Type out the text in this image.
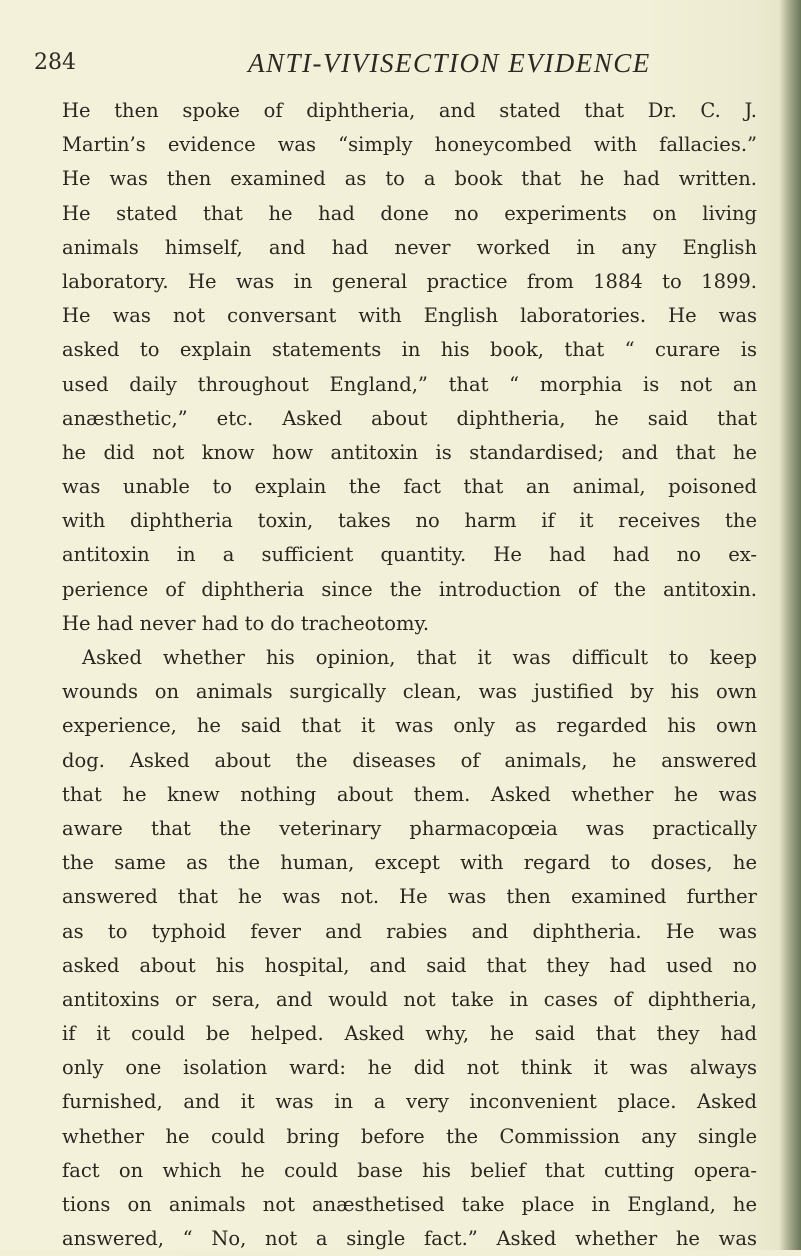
284	ANTI-VIVISECTION EVIDENCE
He then spoke of diphtheria, and stated that Dr. C. J.
Martin’s evidence was “simply honeycombed with fallacies.”
He was then examined as to a book that he had written.
He stated that he had done no experiments on living
animals himself, and had never worked in any English
laboratory. He was in general practice from 1884 to 1899.
He was not conversant with English laboratories. He was
asked to explain statements in his book, that “ curare is
used daily throughout England,” that “ morphia is not an
anæsthetic,” etc. Asked about diphtheria, he said that
he did not know how antitoxin is standardised; and that he
was unable to explain the fact that an animal, poisoned
with diphtheria toxin, takes no harm if it receives the
antitoxin in a sufficient quantity. He had had no ex-
perience of diphtheria since the introduction of the antitoxin.
He had never had to do tracheotomy.
Asked whether his opinion, that it was difficult to keep
wounds on animals surgically clean, was justified by his own
experience, he said that it was only as regarded his own
dog. Asked about the diseases of animals, he answered
that he knew nothing about them. Asked whether he was
aware that the veterinary pharmacopœia was practically
the same as the human, except with regard to doses, he
answered that he was not. He was then examined further
as to typhoid fever and rabies and diphtheria. He was
asked about his hospital, and said that they had used no
antitoxins or sera, and would not take in cases of diphtheria,
if it could be helped. Asked why, he said that they had
only one isolation ward: he did not think it was always
furnished, and it was in a very inconvenient place. Asked
whether he could bring before the Commission any single
fact on which he could base his belief that cutting opera-
tions on animals not anæsthetised take place in England, he
answered, “ No, not a single fact.” Asked whether he was
